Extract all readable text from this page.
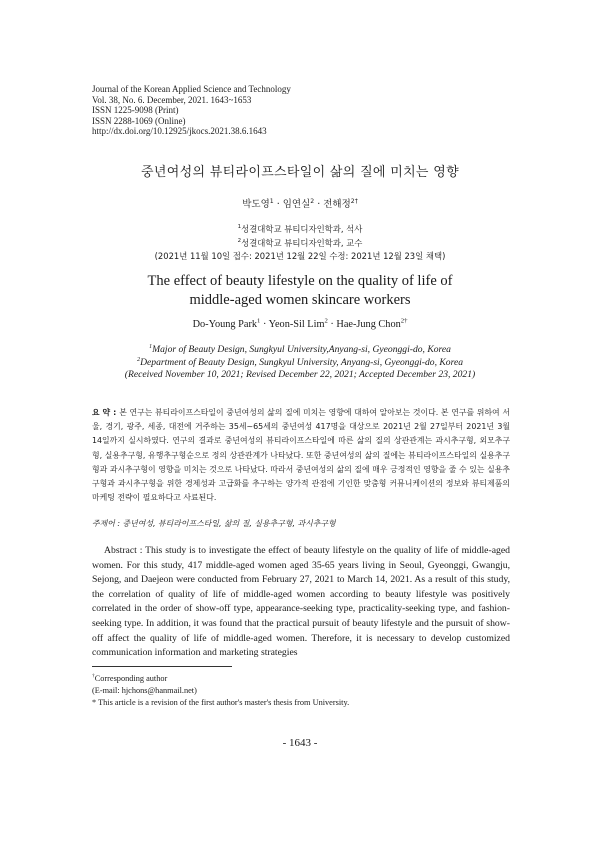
Journal of the Korean Applied Science and Technology
Vol. 38, No. 6. December, 2021. 1643~1653
ISSN 1225-9098 (Print)
ISSN 2288-1069 (Online)
http://dx.doi.org/10.12925/jkocs.2021.38.6.1643
중년여성의 뷰티라이프스타일이 삶의 질에 미치는 영향
박도영$^1$ · 임연실$^2$ · 전해정$^{2\dagger}$
$^1$성결대학교 뷰티디자인학과, 석사
$^2$성결대학교 뷰티디자인학과, 교수
(2021년 11월 10일 접수: 2021년 12월 22일 수정: 2021년 12월 23일 채택)
The effect of beauty lifestyle on the quality of life of
middle-aged women skincare workers
Do-Young Park$^1$ · Yeon-Sil Lim$^2$ · Hae-Jung Chon$^{2\dagger}$
$^1$Major of Beauty Design, Sungkyul University,Anyang-si, Gyeonggi-do, Korea
$^2$Department of Beauty Design, Sungkyul University, Anyang-si, Gyeonggi-do, Korea
(Received November 10, 2021; Revised December 22, 2021; Accepted December 23, 2021)
요 약 : 본 연구는 뷰티라이프스타일이 중년여성의 삶의 질에 미치는 영향에 대하여 알아보는 것이다. 본 연구를 위하여 서울, 경기, 광주, 세종, 대전에 거주하는 35세~65세의 중년여성 417명을 대상으로 2021년 2월 27일부터 2021년 3월 14일까지 실시하였다. 연구의 결과로 중년여성의 뷰티라이프스타일에 따른 삶의 질의 상관관계는 과시추구형, 외모추구형, 실용추구형, 유행추구형순으로 정의 상관관계가 나타났다. 또한 중년여성의 삶의 질에는 뷰티라이프스타일의 실용추구형과 과시추구형이 영향을 미치는 것으로 나타났다. 따라서 중년여성의 삶의 질에 매우 긍정적인 영향을 줄 수 있는 실용추구형과 과시추구형을 위한 경제성과 고급화를 추구하는 양가적 관점에 기인한 맞춤형 커뮤니케이션의 정보와 뷰티제품의 마케팅 전략이 필요하다고 사료된다.
주제어 : 중년여성, 뷰티라이프스타일, 삶의 질, 실용추구형, 과시추구형
Abstract : This study is to investigate the effect of beauty lifestyle on the quality of life of middle-aged women. For this study, 417 middle-aged women aged 35-65 years living in Seoul, Gyeonggi, Gwangju, Sejong, and Daejeon were conducted from February 27, 2021 to March 14, 2021. As a result of this study, the correlation of quality of life of middle-aged women according to beauty lifestyle was positively correlated in the order of show-off type, appearance-seeking type, practicality-seeking type, and fashion-seeking type. In addition, it was found that the practical pursuit of beauty lifestyle and the pursuit of show-off affect the quality of life of middle-aged women. Therefore, it is necessary to develop customized communication information and marketing strategies
†Corresponding author
(E-mail: hjchons@hanmail.net)
* This article is a revision of the first author's master's thesis from University.
- 1643 -
